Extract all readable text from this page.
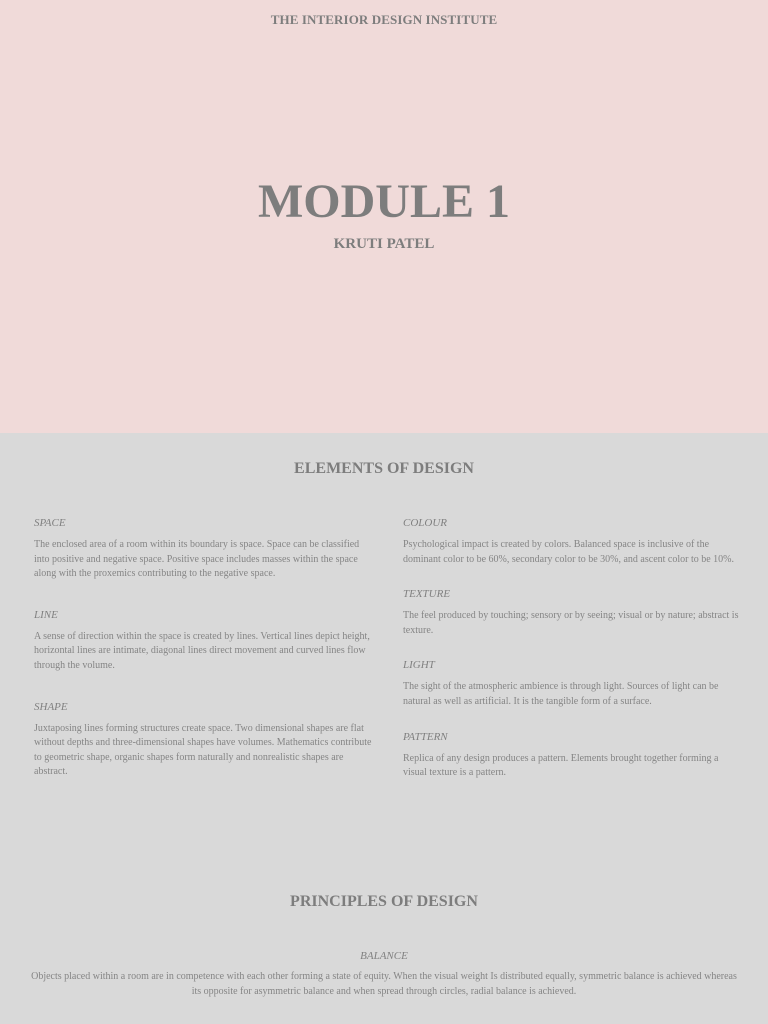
THE INTERIOR DESIGN INSTITUTE
MODULE 1
KRUTI PATEL
ELEMENTS OF DESIGN

SPACE

The enclosed area of a room within its boundary is space. Space can be classified into positive and negative space. Positive space includes masses within the space along with the proxemics contributing to the negative space.

LINE

A sense of direction within the space is created by lines. Vertical lines depict height, horizontal lines are intimate, diagonal lines direct movement and curved lines flow through the volume.

SHAPE

Juxtaposing lines forming structures create space. Two dimensional shapes are flat without depths and three-dimensional shapes have volumes. Mathematics contribute to geometric shape, organic shapes form naturally and nonrealistic shapes are abstract.

COLOUR

Psychological impact is created by colors. Balanced space is inclusive of the dominant color to be 60%, secondary color to be 30%, and ascent color to be 10%.

TEXTURE

The feel produced by touching; sensory or by seeing; visual or by nature; abstract is texture.

LIGHT

The sight of the atmospheric ambience is through light. Sources of light can be natural as well as artificial. It is the tangible form of a surface.

PATTERN

Replica of any design produces a pattern. Elements brought together forming a visual texture is a pattern.

PRINCIPLES OF DESIGN
BALANCE

Objects placed within a room are in competence with each other forming a state of equity. When the visual weight Is distributed equally, symmetric balance is achieved whereas its opposite for asymmetric balance and when spread through circles, radial balance is achieved.
